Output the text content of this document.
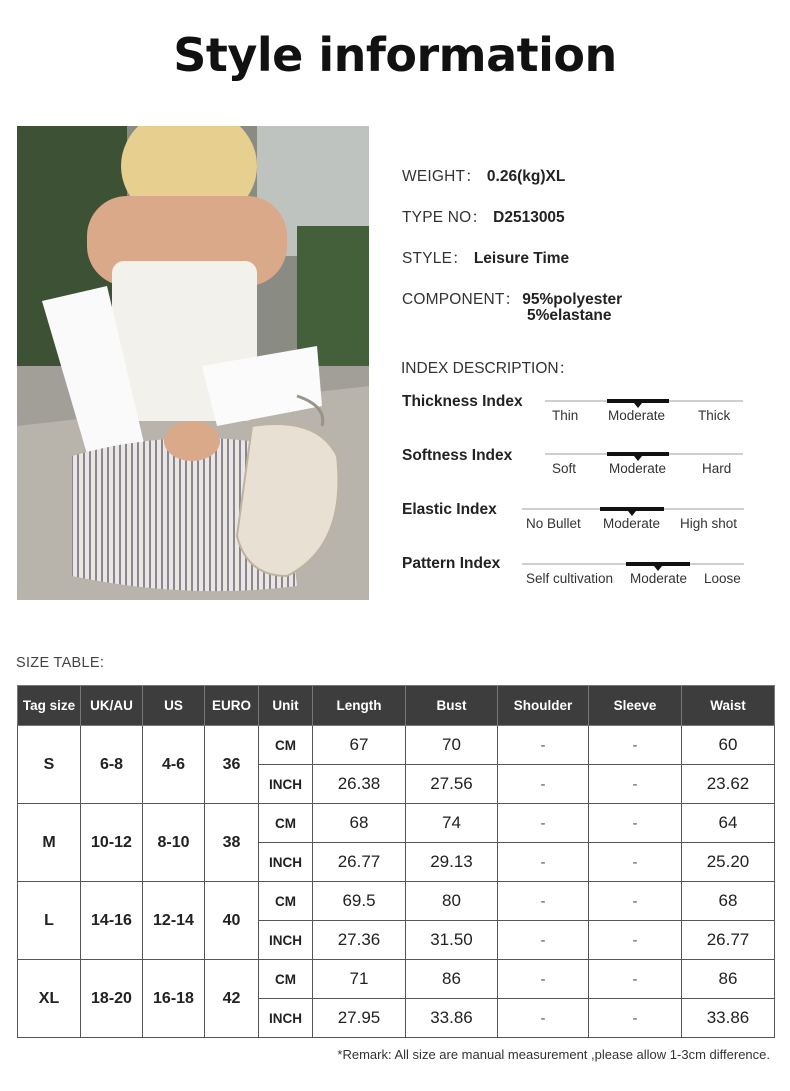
Style information
WEIGHT： 0.26(kg)XL
TYPE NO： D2513005
STYLE： Leisure Time
COMPONENT： 95%polyester
5%elastane
INDEX DESCRIPTION：
Thickness Index
Thin Moderate Thick
Softness Index
Soft Moderate	Hard
Elastic Index
No Bullet Moderate High shot
Pattern Index
Self cultivation Moderate Loose
SIZE TABLE:
Tag size	UK/AU	US	EURO	Unit	Length	Bust	Shoulder	Sleeve	Waist
S	6-8	4-6	36	CM	67	70	-	-	60
				INCH	26.38	27.56	-	-	23.62
M	10-12	8-10	38	CM	68	74	-	-	64
				INCH	26.77	29.13	-	-	25.20
L	14-16	12-14	40	CM	69.5	80	-	-	68
				INCH	27.36	31.50	-	-	26.77
XL	18-20	16-18	42	CM	71	86	-	-	86
				INCH	27.95	33.86	-	-	33.86
*Remark: All size are manual measurement ,please allow 1-3cm difference.
